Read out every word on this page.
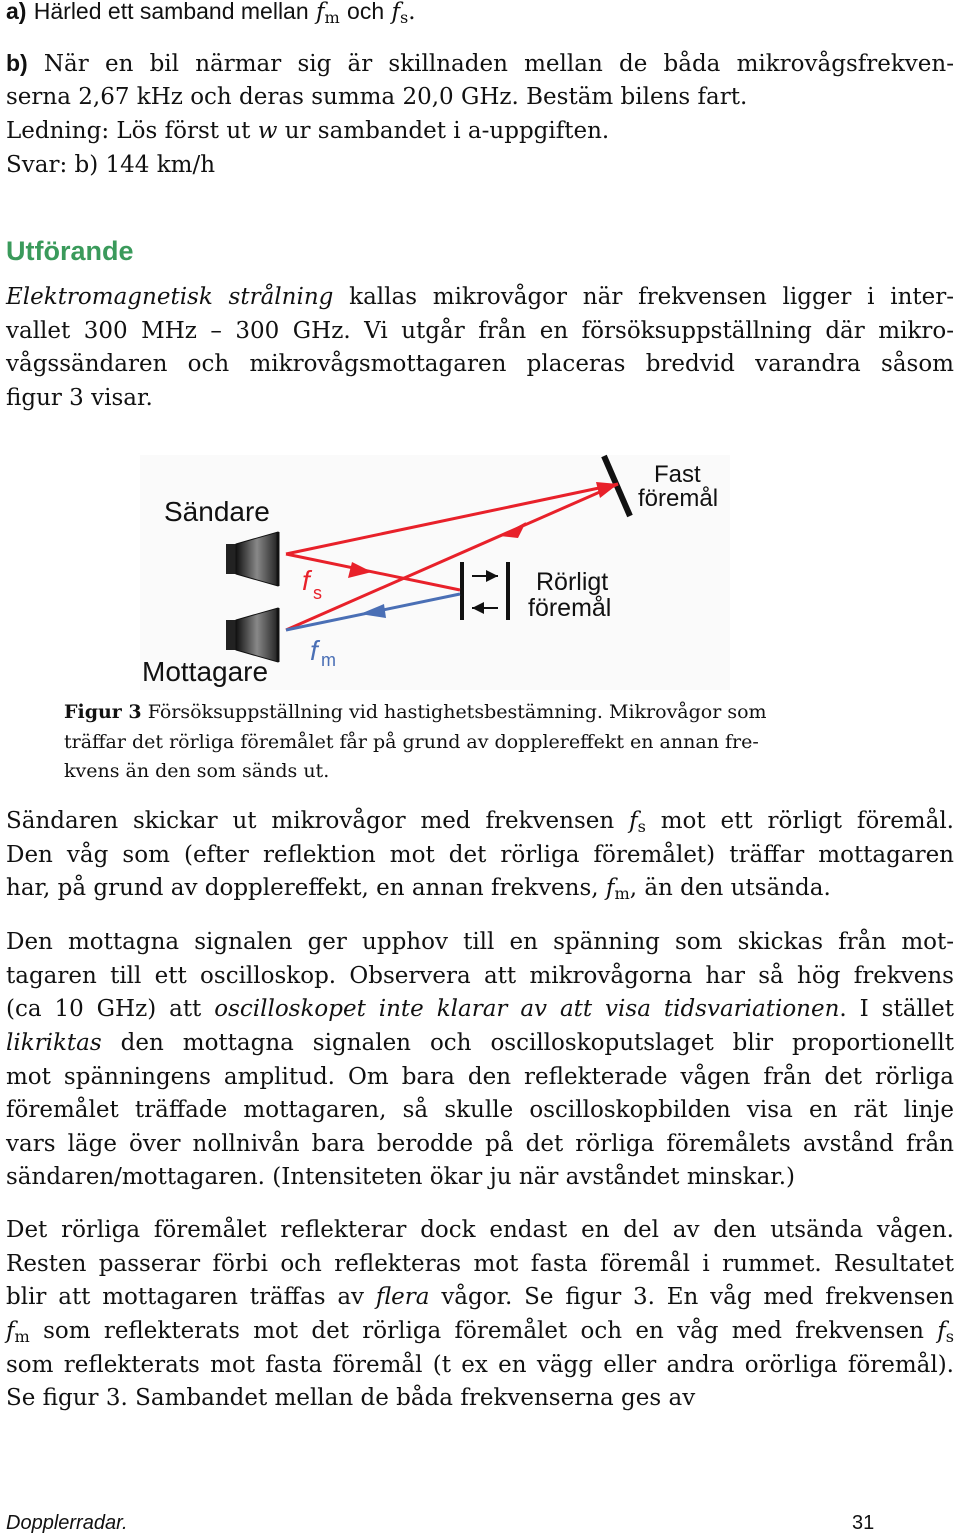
a) Härled ett samband mellan $f_m$ och $f_s$.
b) När en bil närmar sig är skillnaden mellan de båda mikrovågsfrekven-
serna 2,67 kHz och deras summa 20,0 GHz. Bestäm bilens fart.
Ledning: Lös först ut w ur sambandet i a-uppgiften.
Svar: b) 144 km/h
Utförande
Elektromagnetisk strålning kallas mikrovågor när frekvensen ligger i inter-
vallet 300 MHz – 300 GHz. Vi utgår från en försöksuppställning där mikro-
vågssändaren och mikrovågsmottagaren placeras bredvid varandra såsom
figur 3 visar.
Sändare
Mottagare
Fast
föremål
Rörligt
föremål
f s
f m
Figur 3 Försöksuppställning vid hastighetsbestämning. Mikrovågor som
träffar det rörliga föremålet får på grund av dopplereffekt en annan fre-
kvens än den som sänds ut.
Sändaren skickar ut mikrovågor med frekvensen $f_s$ mot ett rörligt föremål.
Den våg som (efter reflektion mot det rörliga föremålet) träffar mottagaren
har, på grund av dopplereffekt, en annan frekvens, $f_m$, än den utsända.
Den mottagna signalen ger upphov till en spänning som skickas från mot-
tagaren till ett oscilloskop. Observera att mikrovågorna har så hög frekvens
(ca 10 GHz) att oscilloskopet inte klarar av att visa tidsvariationen. I stället
likriktas den mottagna signalen och oscilloskoputslaget blir proportionellt
mot spänningens amplitud. Om bara den reflekterade vågen från det rörliga
föremålet träffade mottagaren, så skulle oscilloskopbilden visa en rät linje
vars läge över nollnivån bara berodde på det rörliga föremålets avstånd från
sändaren/mottagaren. (Intensiteten ökar ju när avståndet minskar.)
Det rörliga föremålet reflekterar dock endast en del av den utsända vågen.
Resten passerar förbi och reflekteras mot fasta föremål i rummet. Resultatet
blir att mottagaren träffas av flera vågor. Se figur 3. En våg med frekvensen
$f_m$ som reflekterats mot det rörliga föremålet och en våg med frekvensen $f_s$
som reflekterats mot fasta föremål (t ex en vägg eller andra orörliga föremål).
Se figur 3. Sambandet mellan de båda frekvenserna ges av
Dopplerradar.	31
